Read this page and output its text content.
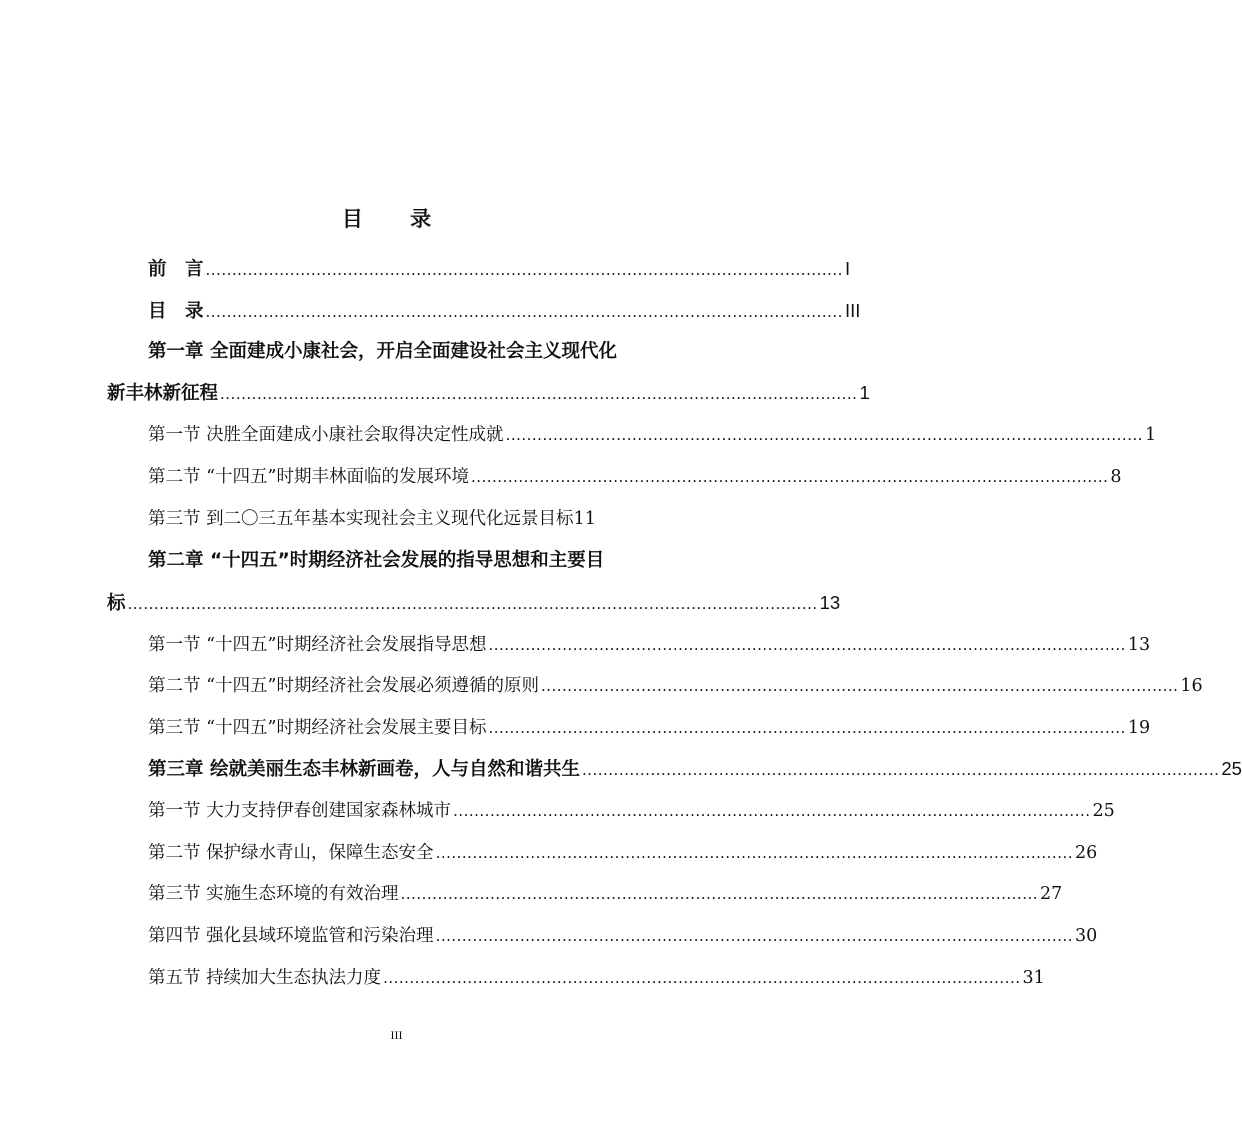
目 录
前　言 ......................................................................................................................... I
目　录 ......................................................................................................................... III
第一章 全面建成小康社会，开启全面建设社会主义现代化
新丰林新征程 ......................................................................................................................... 1
第一节 决胜全面建成小康社会取得决定性成就 ......................................................................................................................... 1
第二节 “十四五”时期丰林面临的发展环境 ......................................................................................................................... 8
第三节 到二〇三五年基本实现社会主义现代化远景目标 11
第二章 “十四五”时期经济社会发展的指导思想和主要目
标 ................................................................................................................................... 13
第一节 “十四五”时期经济社会发展指导思想 ......................................................................................................................... 13
第二节 “十四五”时期经济社会发展必须遵循的原则 ......................................................................................................................... 16
第三节 “十四五”时期经济社会发展主要目标 ......................................................................................................................... 19
第三章 绘就美丽生态丰林新画卷，人与自然和谐共生 ......................................................................................................................... 25
第一节 大力支持伊春创建国家森林城市 ......................................................................................................................... 25
第二节 保护绿水青山，保障生态安全 ......................................................................................................................... 26
第三节 实施生态环境的有效治理 ......................................................................................................................... 27
第四节 强化县域环境监管和污染治理 ......................................................................................................................... 30
第五节 持续加大生态执法力度 ......................................................................................................................... 31
III
